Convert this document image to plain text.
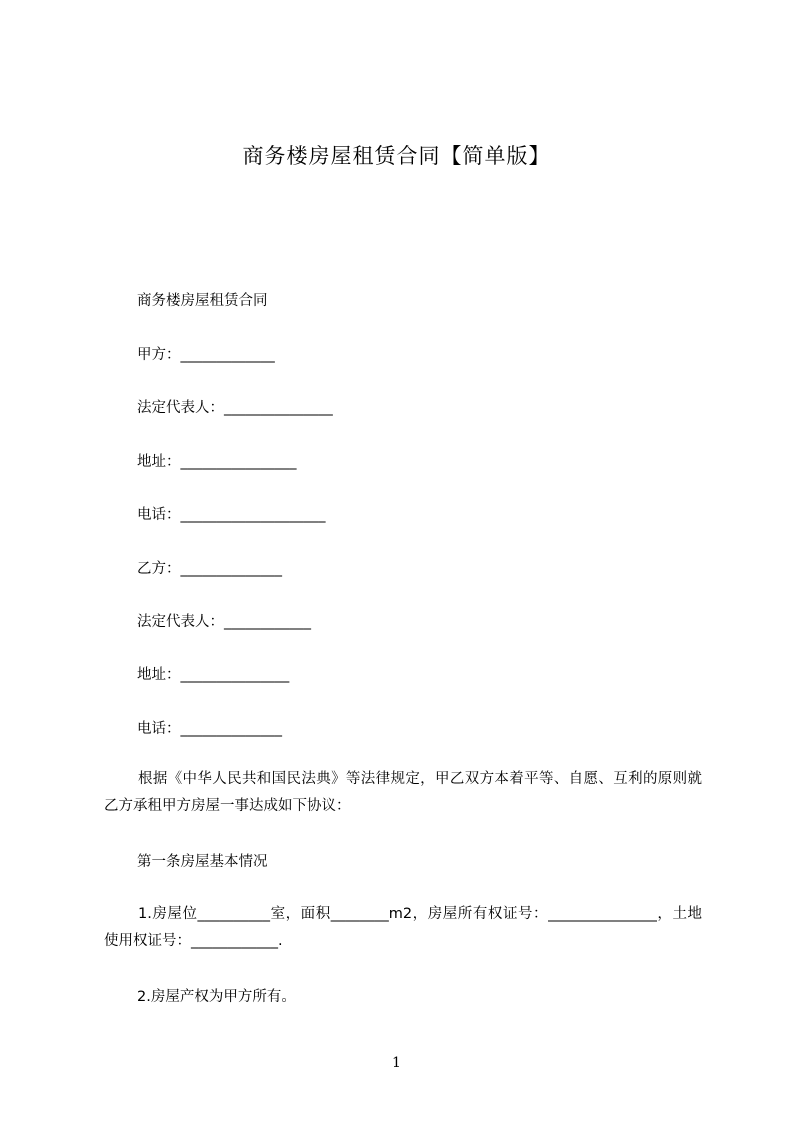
商务楼房屋租赁合同【简单版】
商务楼房屋租赁合同
甲方：_____________
法定代表人：_______________
地址：________________
电话：____________________
乙方：______________
法定代表人：____________
地址：_______________
电话：______________
根据《中华人民共和国民法典》等法律规定，甲乙双方本着平等、自愿、互利的原则就乙方承租甲方房屋一事达成如下协议：
第一条房屋基本情况
1.房屋位__________室，面积________m2，房屋所有权证号：_______________，土地使用权证号：____________.
2.房屋产权为甲方所有。
1
